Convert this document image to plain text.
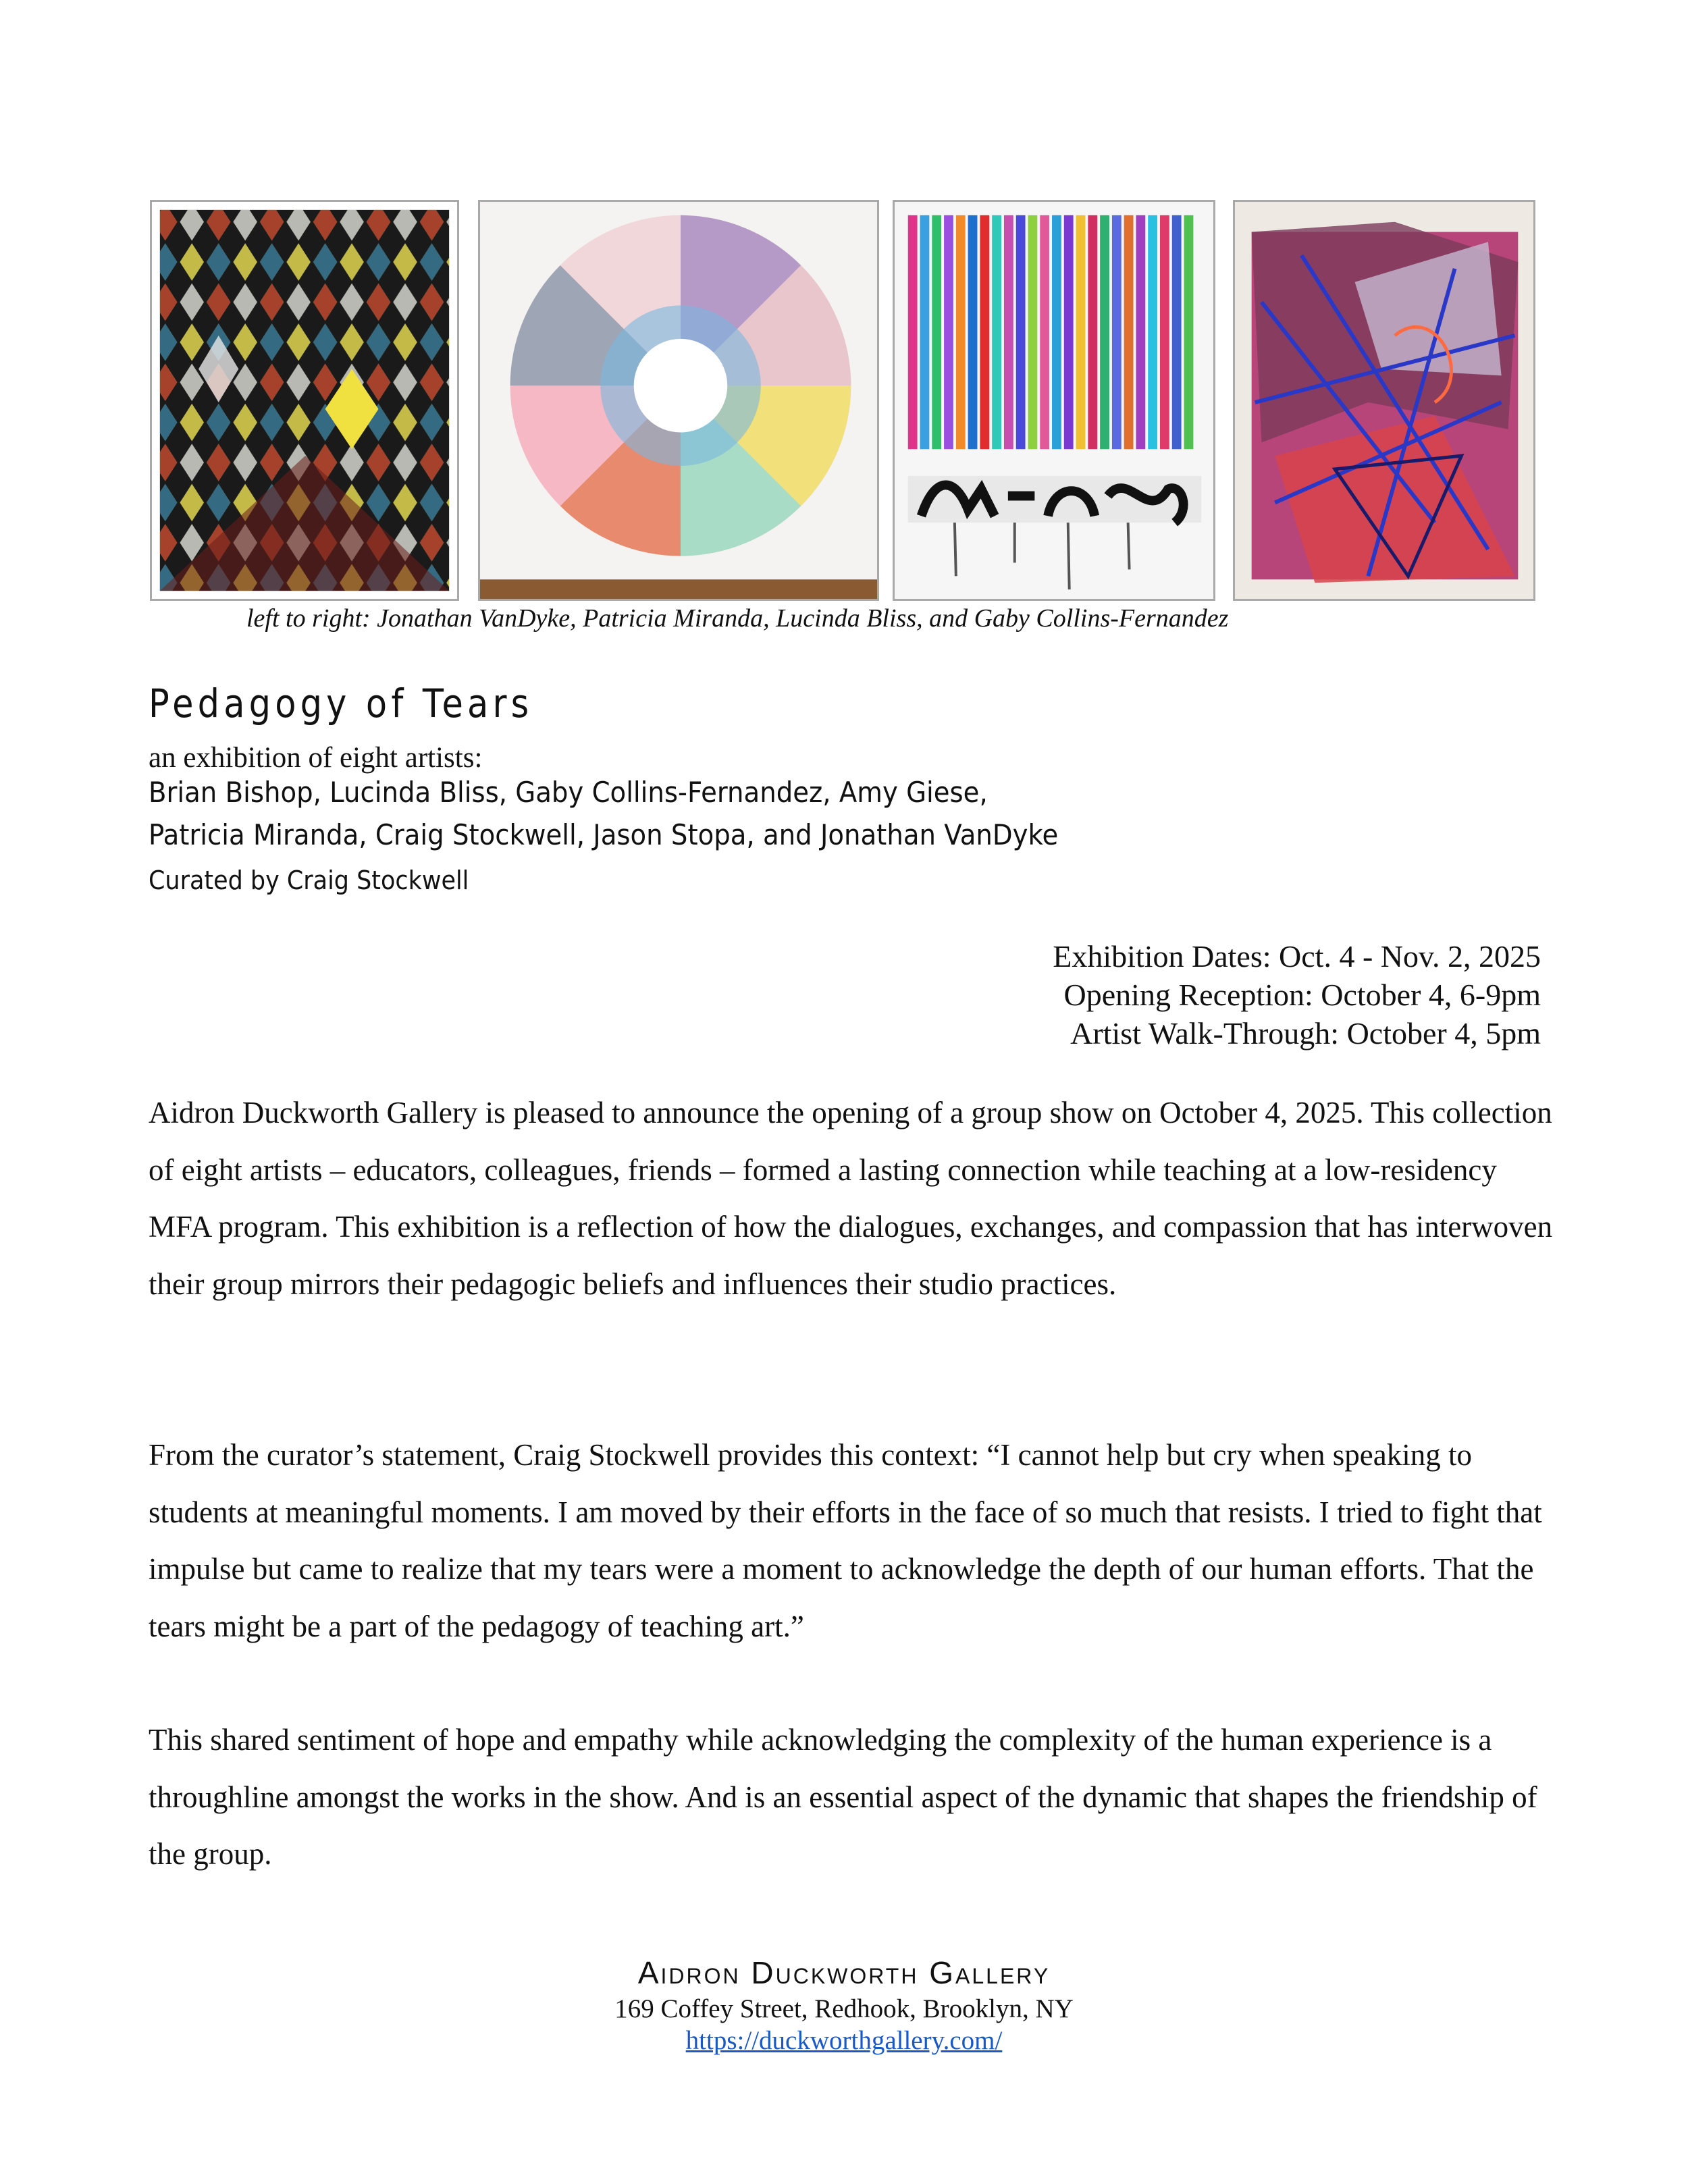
left to right: Jonathan VanDyke, Patricia Miranda, Lucinda Bliss, and Gaby Collins-Fernandez
Pedagogy of Tears
an exhibition of eight artists:
Brian Bishop, Lucinda Bliss, Gaby Collins-Fernandez, Amy Giese,
Patricia Miranda, Craig Stockwell, Jason Stopa, and Jonathan VanDyke
Curated by Craig Stockwell
Exhibition Dates: Oct. 4 - Nov. 2, 2025
Opening Reception: October 4, 6-9pm
Artist Walk-Through: October 4, 5pm

Aidron Duckworth Gallery is pleased to announce the opening of a group show on October 4, 2025. This collection of eight artists – educators, colleagues, friends – formed a lasting connection while teaching at a low-residency MFA program. This exhibition is a reflection of how the dialogues, exchanges, and compassion that has interwoven their group mirrors their pedagogic beliefs and influences their studio practices.

From the curator’s statement, Craig Stockwell provides this context: “I cannot help but cry when speaking to students at meaningful moments. I am moved by their efforts in the face of so much that resists. I tried to fight that impulse but came to realize that my tears were a moment to acknowledge the depth of our human efforts. That the tears might be a part of the pedagogy of teaching art.”

This shared sentiment of hope and empathy while acknowledging the complexity of the human experience is a throughline amongst the works in the show. And is an essential aspect of the dynamic that shapes the friendship of the group.

Aidron Duckworth Gallery
169 Coffey Street, Redhook, Brooklyn, NY
https://duckworthgallery.com/
